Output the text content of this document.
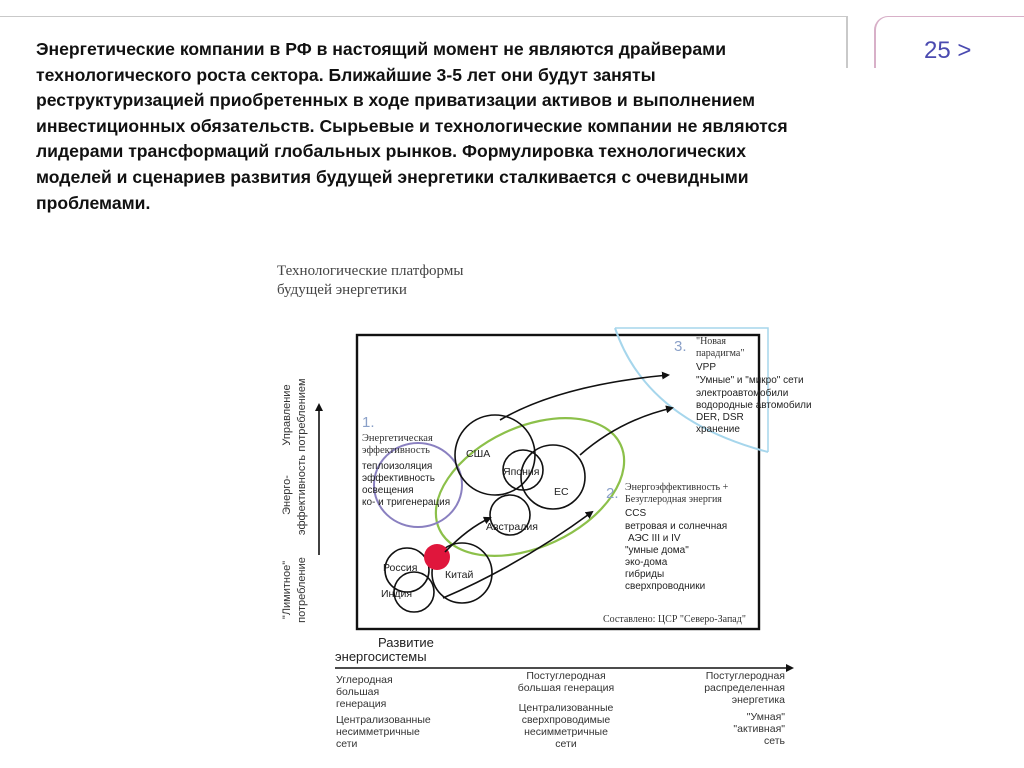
25 >
Энергетические компании в РФ в настоящий момент не являются драйверами технологического роста сектора. Ближайшие 3-5 лет они будут заняты реструктуризацией приобретенных в ходе приватизации активов и выполнением инвестиционных обязательств. Сырьевые и технологические компании не являются лидерами трансформаций глобальных рынков. Формулировка технологических моделей и сценариев развития будущей энергетики сталкивается с очевидными проблемами.
Технологические платформы
будущей энергетики
Управление потреблением
Энерго- эффективность
"Лимитное" потребление
Развитие
энергосистемы
Углеродная
большая
генерация
Централизованные
несимметричные
сети
Постуглеродная
большая генерация
Централизованные
сверхпроводимые
несимметричные
сети
Постуглеродная
распределенная
энергетика
"Умная"
"активная"
сеть
1.
Энергетическая
эффективность
теплоизоляция
эффективность
освещения
ко- и тригенерация
2. Энергоэффективность +
Безуглеродная энергия
CCS
ветровая и солнечная
АЭС III и IV
"умные дома"
эко-дома
гибриды
сверхпроводники
3. "Новая
парадигма"
VPP
"Умные" и "микро" сети
электроавтомобили
водородные автомобили
DER, DSR
хранение
США
Япония
ЕС
Австралия
Россия
Китай
Индия
Составлено: ЦСР "Северо-Запад"
